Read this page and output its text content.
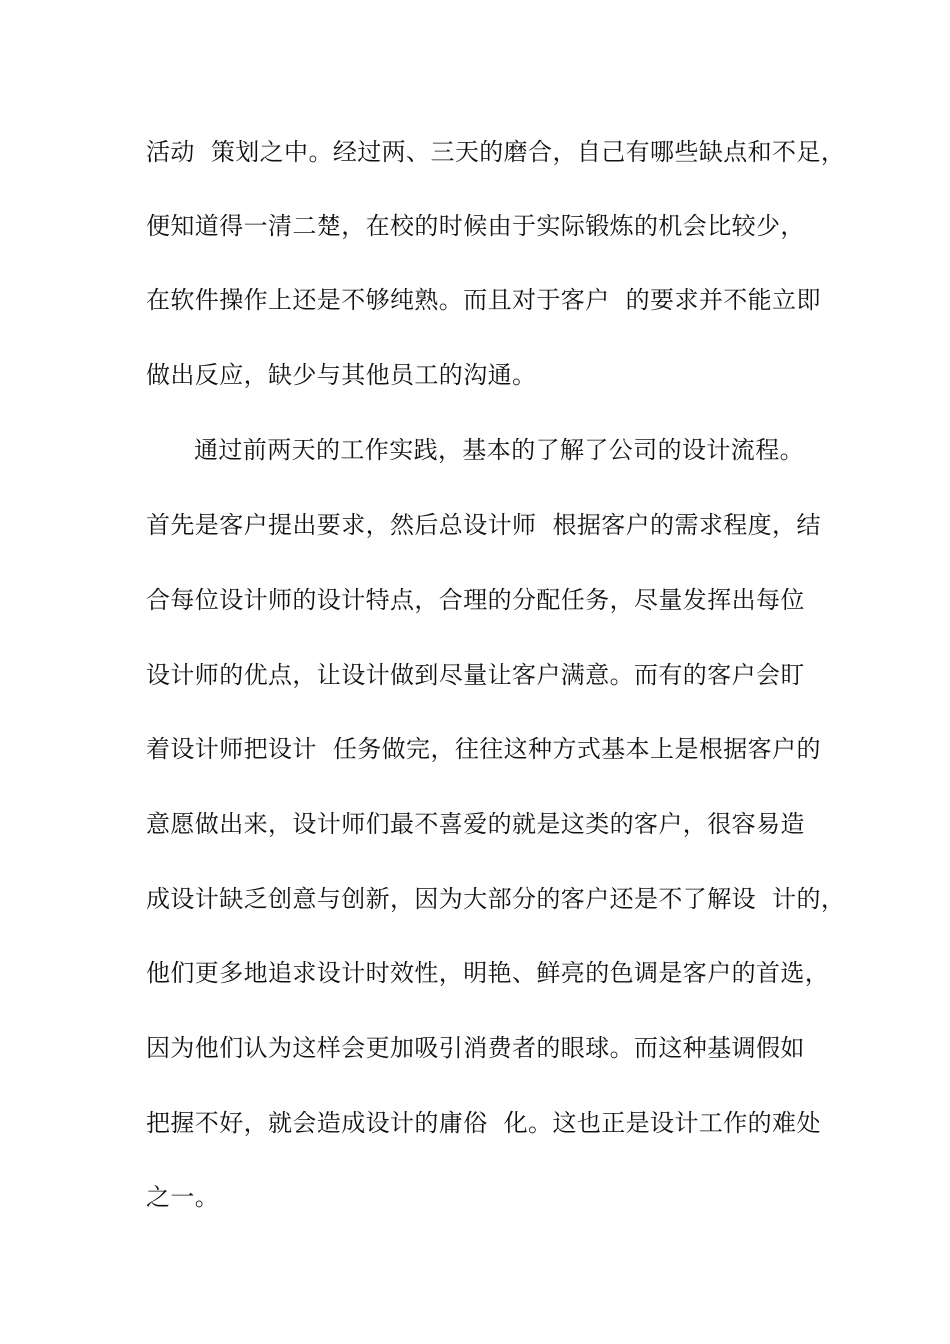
活动  策划之中。经过两、三天的磨合，自己有哪些缺点和不足，
便知道得一清二楚，在校的时候由于实际锻炼的机会比较少，
在软件操作上还是不够纯熟。而且对于客户  的要求并不能立即
做出反应，缺少与其他员工的沟通。
通过前两天的工作实践，基本的了解了公司的设计流程。
首先是客户提出要求，然后总设计师  根据客户的需求程度，结
合每位设计师的设计特点，合理的分配任务，尽量发挥出每位
设计师的优点，让设计做到尽量让客户满意。而有的客户会盯
着设计师把设计  任务做完，往往这种方式基本上是根据客户的
意愿做出来，设计师们最不喜爱的就是这类的客户，很容易造
成设计缺乏创意与创新，因为大部分的客户还是不了解设  计的，
他们更多地追求设计时效性，明艳、鲜亮的色调是客户的首选，
因为他们认为这样会更加吸引消费者的眼球。而这种基调假如
把握不好，就会造成设计的庸俗  化。这也正是设计工作的难处
之一。
